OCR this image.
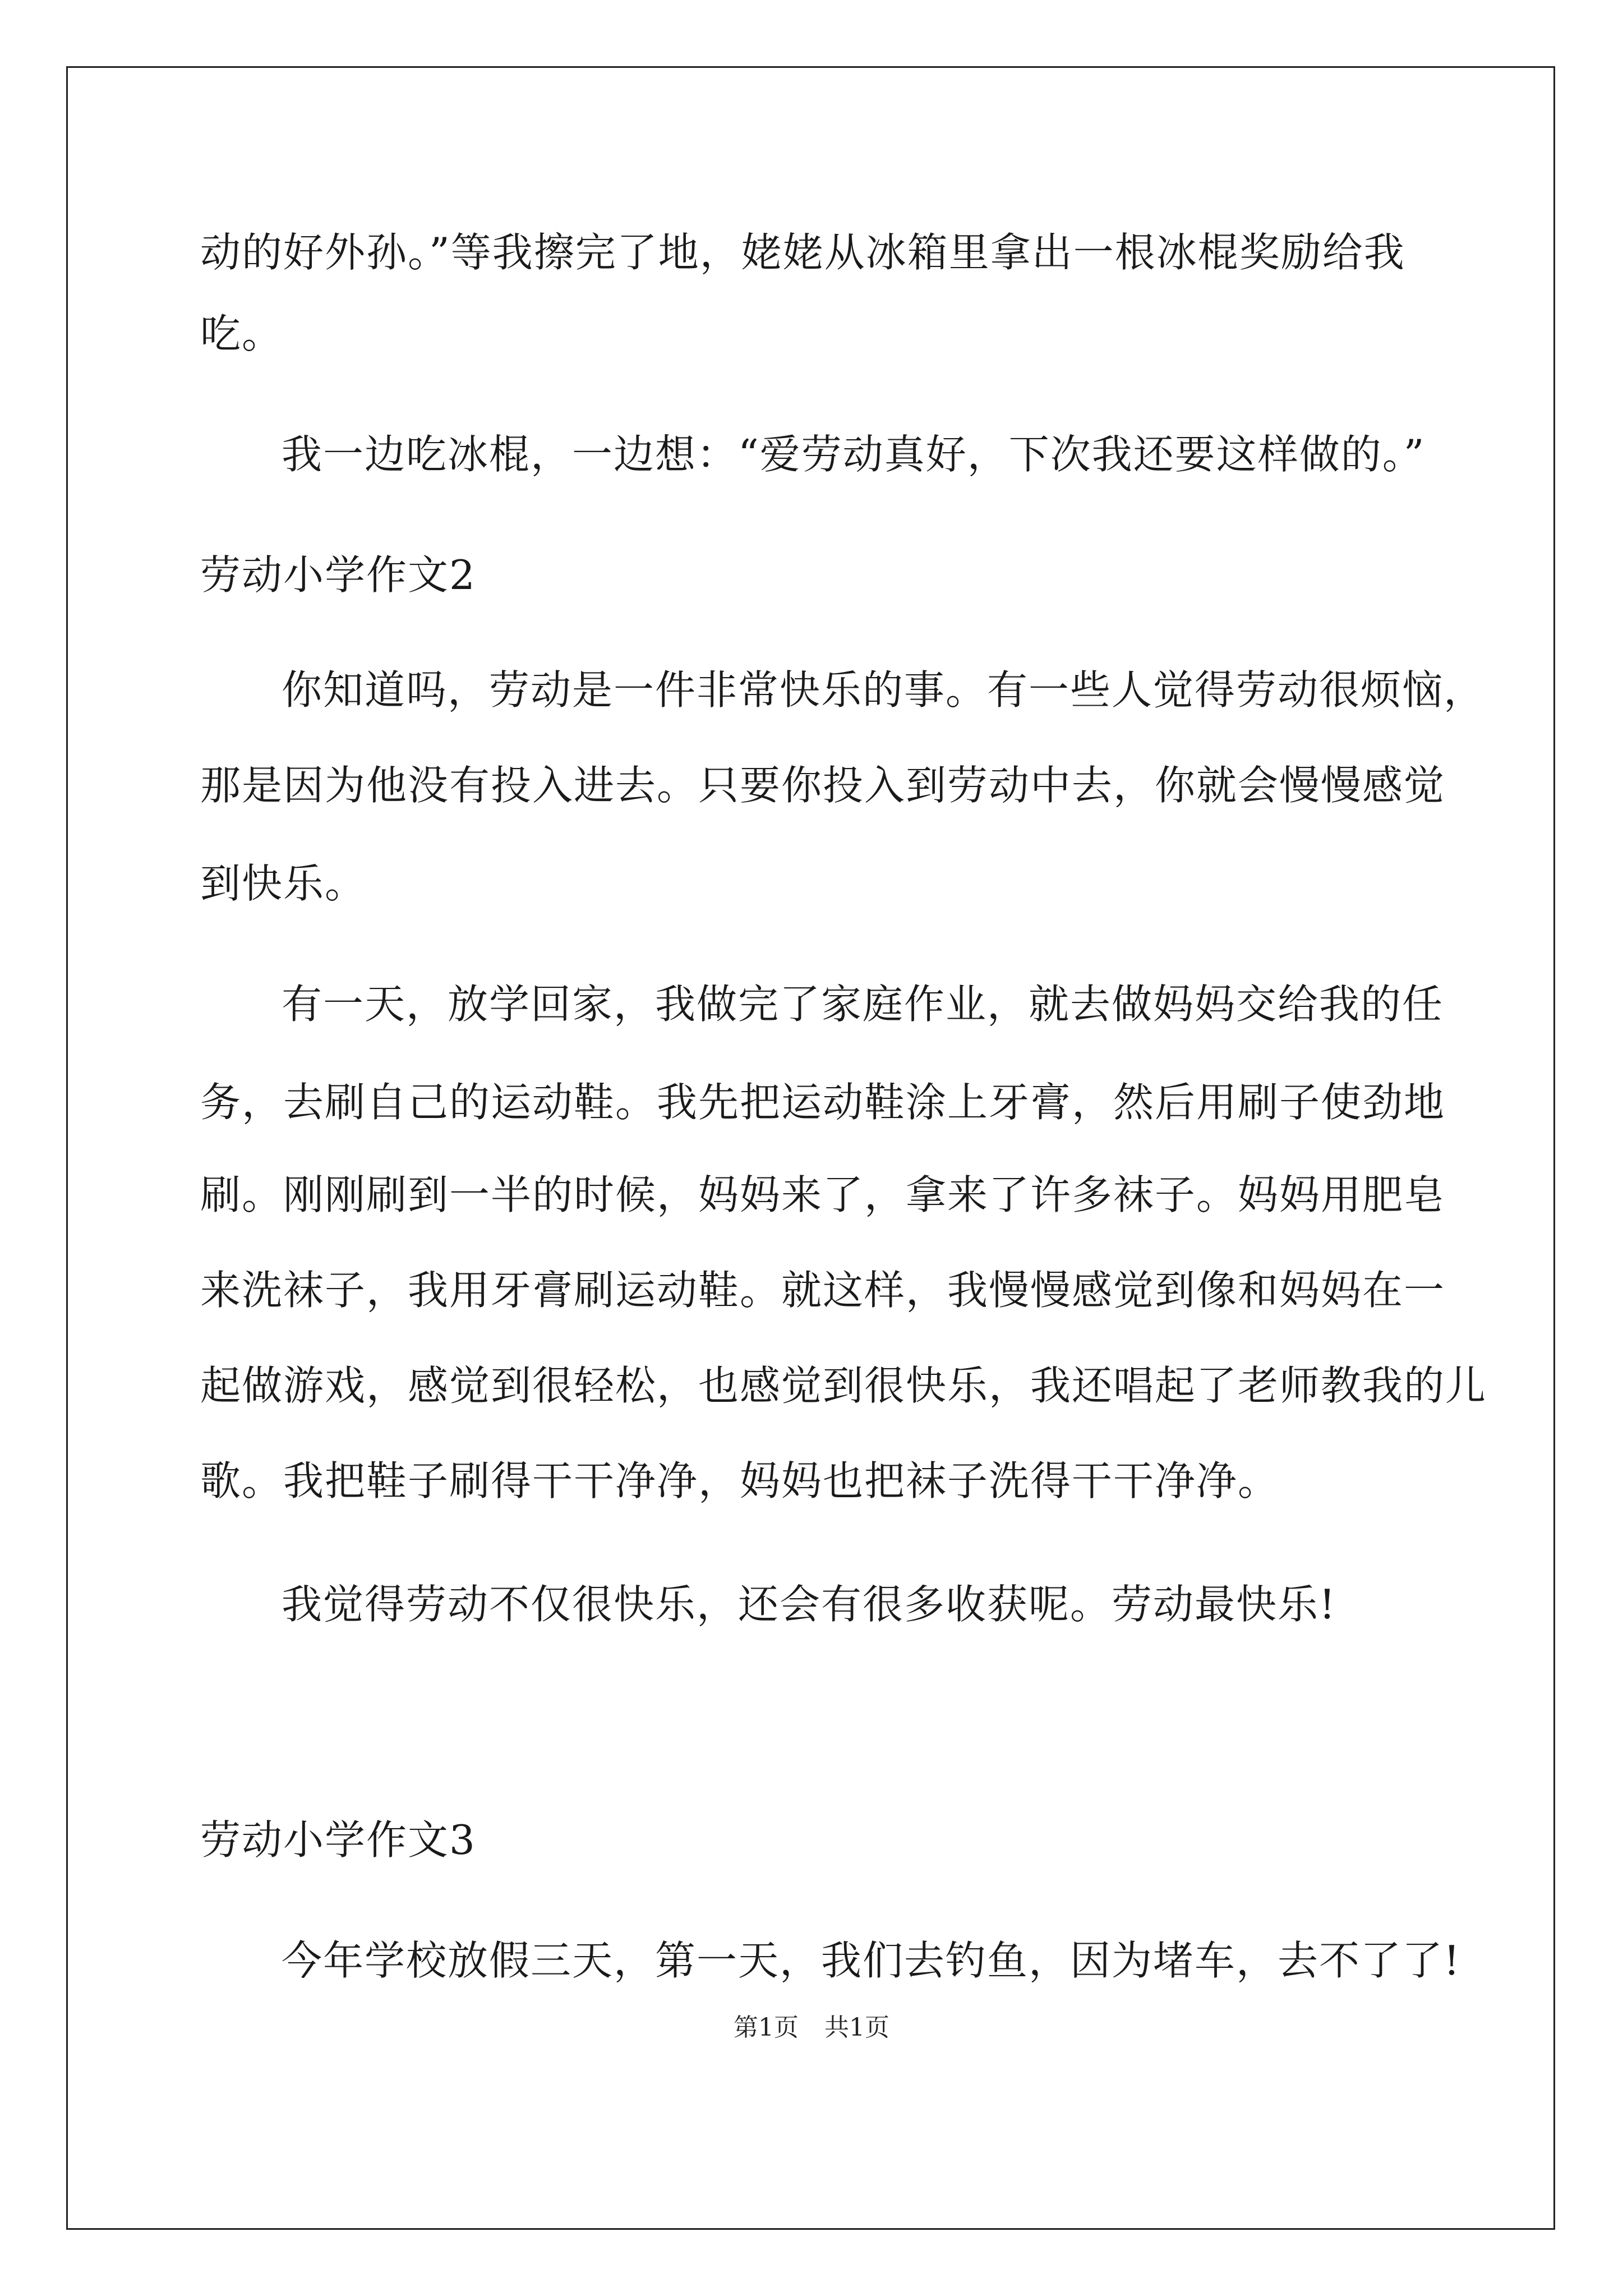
动的好外孙。”等我擦完了地，姥姥从冰箱里拿出一根冰棍奖励给我
吃。
我一边吃冰棍，一边想：“爱劳动真好，下次我还要这样做的。”
劳动小学作文2
你知道吗，劳动是一件非常快乐的事。有一些人觉得劳动很烦恼，
那是因为他没有投入进去。只要你投入到劳动中去，你就会慢慢感觉
到快乐。
有一天，放学回家，我做完了家庭作业，就去做妈妈交给我的任
务，去刷自己的运动鞋。我先把运动鞋涂上牙膏，然后用刷子使劲地
刷。刚刚刷到一半的时候，妈妈来了，拿来了许多袜子。妈妈用肥皂
来洗袜子，我用牙膏刷运动鞋。就这样，我慢慢感觉到像和妈妈在一
起做游戏，感觉到很轻松，也感觉到很快乐，我还唱起了老师教我的儿
歌。我把鞋子刷得干干净净，妈妈也把袜子洗得干干净净。
我觉得劳动不仅很快乐，还会有很多收获呢。劳动最快乐!
劳动小学作文3
今年学校放假三天，第一天，我们去钓鱼，因为堵车，去不了了!
第1页 共1页
